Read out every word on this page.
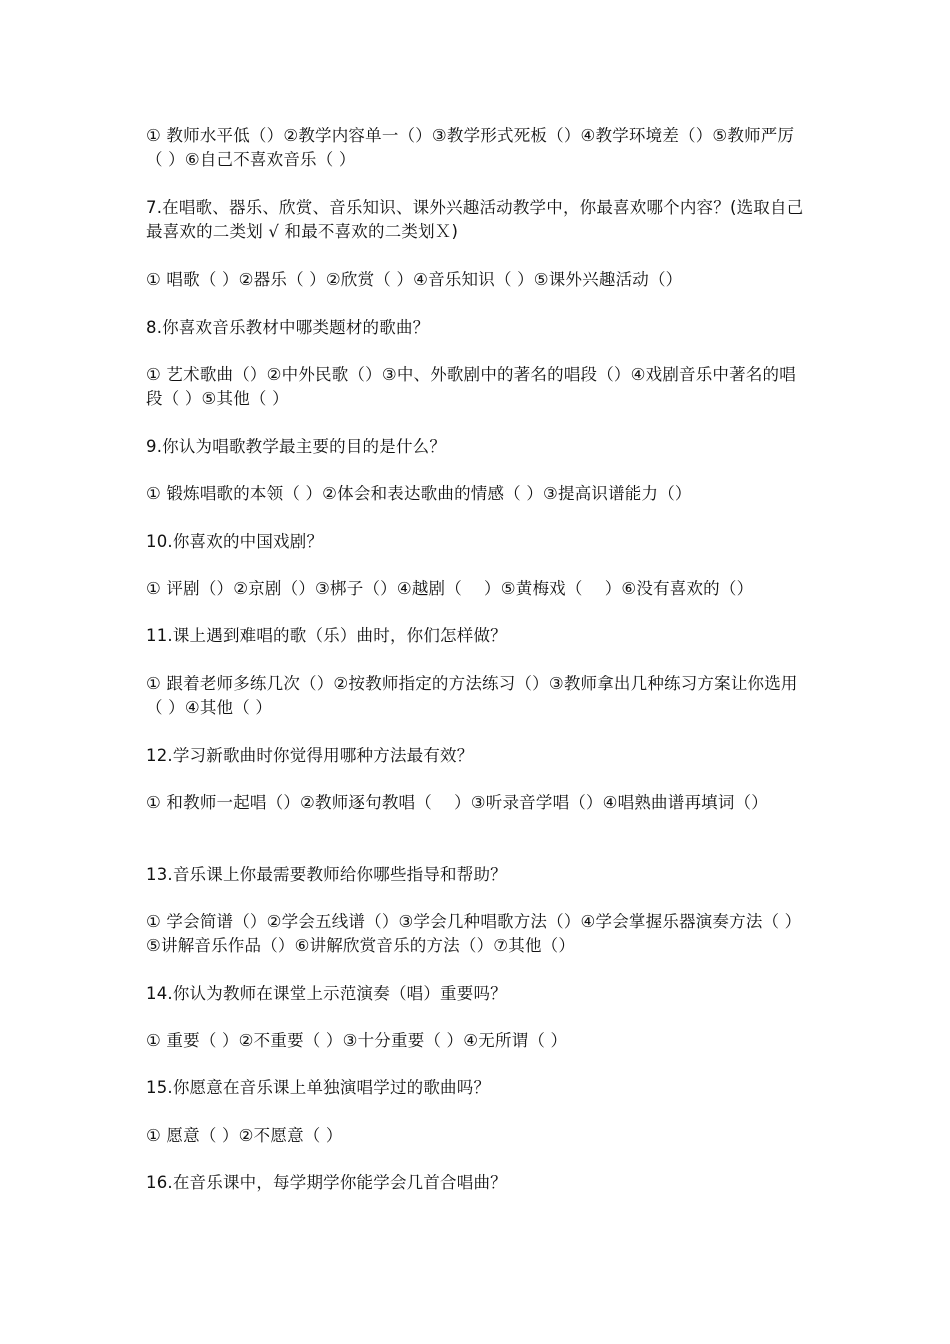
① 教师水平低（）②教学内容单一（）③教学形式死板（）④教学环境差（）⑤教师严厉（ ）⑥自己不喜欢音乐（ ）

7.在唱歌、器乐、欣赏、音乐知识、课外兴趣活动教学中，你最喜欢哪个内容？(选取自己最喜欢的二类划 √ 和最不喜欢的二类划Ｘ)

① 唱歌（ ）②器乐（ ）②欣赏（ ）④音乐知识（ ）⑤课外兴趣活动（）

8.你喜欢音乐教材中哪类题材的歌曲？

① 艺术歌曲（）②中外民歌（）③中、外歌剧中的著名的唱段（）④戏剧音乐中著名的唱段（ ）⑤其他（ ）

9.你认为唱歌教学最主要的目的是什么？

① 锻炼唱歌的本领（ ）②体会和表达歌曲的情感（ ）③提高识谱能力（）

10.你喜欢的中国戏剧？

① 评剧（）②京剧（）③梆子（）④越剧（　 ）⑤黄梅戏（　 ）⑥没有喜欢的（）

11.课上遇到难唱的歌（乐）曲时，你们怎样做？

① 跟着老师多练几次（）②按教师指定的方法练习（）③教师拿出几种练习方案让你选用（ ）④其他（ ）

12.学习新歌曲时你觉得用哪种方法最有效？

① 和教师一起唱（）②教师逐句教唱（　 ）③听录音学唱（）④唱熟曲谱再填词（）

13.音乐课上你最需要教师给你哪些指导和帮助？

① 学会简谱（）②学会五线谱（）③学会几种唱歌方法（）④学会掌握乐器演奏方法（ ）⑤讲解音乐作品（）⑥讲解欣赏音乐的方法（）⑦其他（）

14.你认为教师在课堂上示范演奏（唱）重要吗？

① 重要（ ）②不重要（ ）③十分重要（ ）④无所谓（ ）

15.你愿意在音乐课上单独演唱学过的歌曲吗？

① 愿意（ ）②不愿意（ ）

16.在音乐课中，每学期学你能学会几首合唱曲？
